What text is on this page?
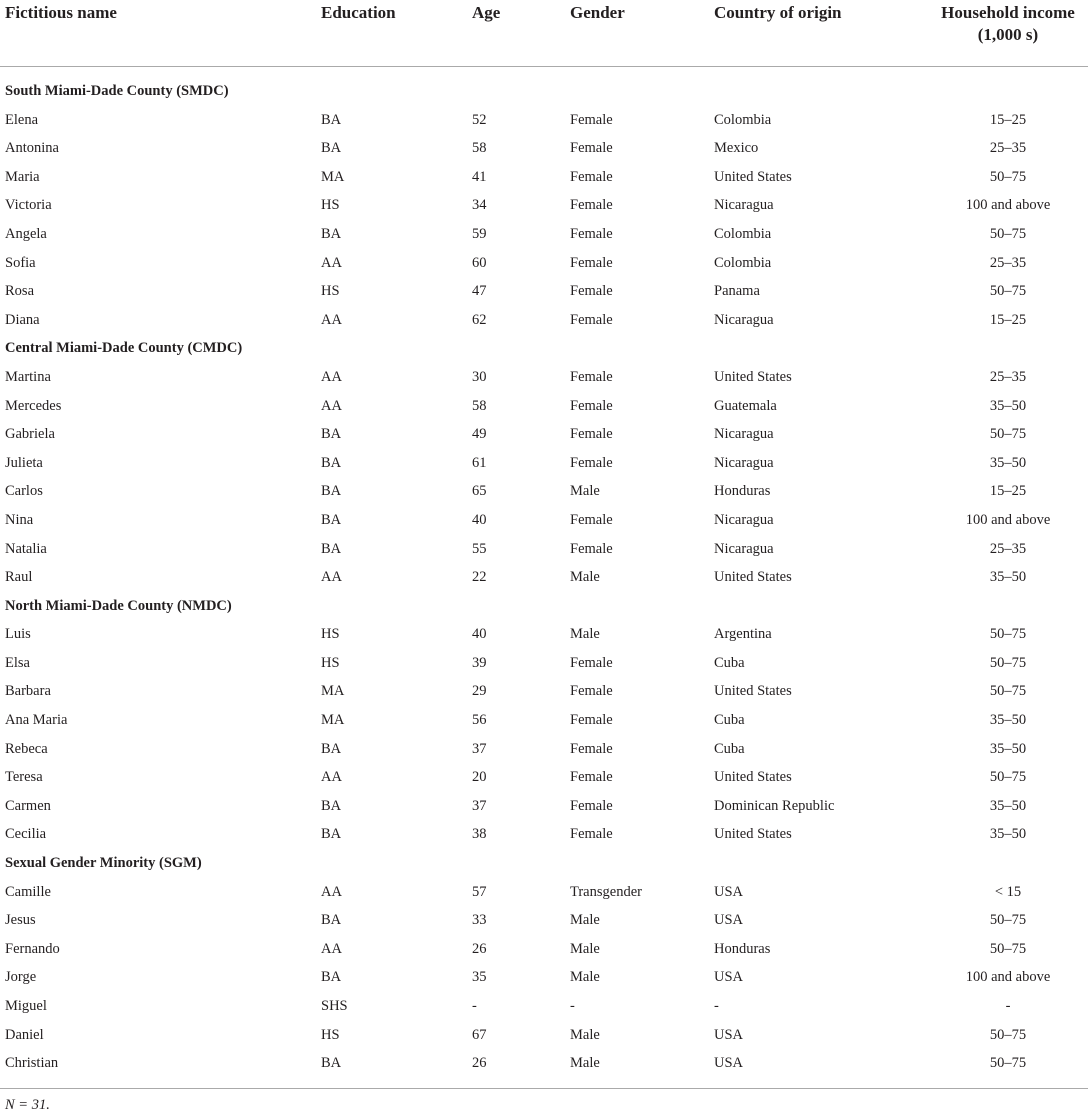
Fictitious name	Education	Age	Gender	Country of origin	Household income
(1,000 s)
South Miami-Dade County (SMDC)
Elena	BA	52	Female	Colombia	15–25
Antonina	BA	58	Female	Mexico	25–35
Maria	MA	41	Female	United States	50–75
Victoria	HS	34	Female	Nicaragua	100 and above
Angela	BA	59	Female	Colombia	50–75
Sofia	AA	60	Female	Colombia	25–35
Rosa	HS	47	Female	Panama	50–75
Diana	AA	62	Female	Nicaragua	15–25
Central Miami-Dade County (CMDC)
Martina	AA	30	Female	United States	25–35
Mercedes	AA	58	Female	Guatemala	35–50
Gabriela	BA	49	Female	Nicaragua	50–75
Julieta	BA	61	Female	Nicaragua	35–50
Carlos	BA	65	Male	Honduras	15–25
Nina	BA	40	Female	Nicaragua	100 and above
Natalia	BA	55	Female	Nicaragua	25–35
Raul	AA	22	Male	United States	35–50
North Miami-Dade County (NMDC)
Luis	HS	40	Male	Argentina	50–75
Elsa	HS	39	Female	Cuba	50–75
Barbara	MA	29	Female	United States	50–75
Ana Maria	MA	56	Female	Cuba	35–50
Rebeca	BA	37	Female	Cuba	35–50
Teresa	AA	20	Female	United States	50–75
Carmen	BA	37	Female	Dominican Republic	35–50
Cecilia	BA	38	Female	United States	35–50
Sexual Gender Minority (SGM)
Camille	AA	57	Transgender	USA	< 15
Jesus	BA	33	Male	USA	50–75
Fernando	AA	26	Male	Honduras	50–75
Jorge	BA	35	Male	USA	100 and above
Miguel	SHS	-	-	-	-
Daniel	HS	67	Male	USA	50–75
Christian	BA	26	Male	USA	50–75
N = 31.
